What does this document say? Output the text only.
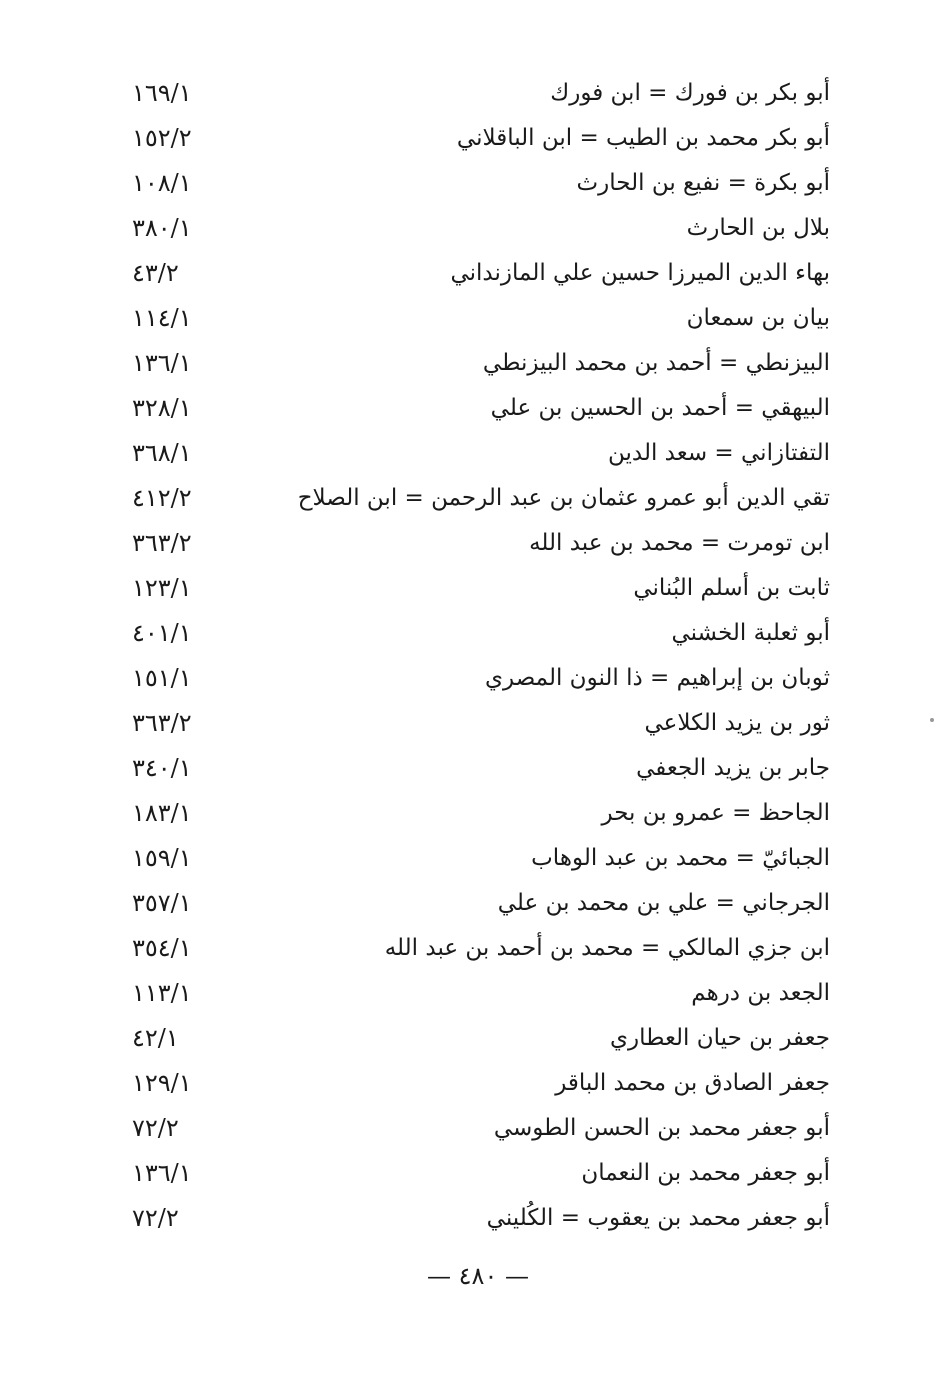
أبو بكر بن فورك = ابن فورك
١٦٩/١
أبو بكر محمد بن الطيب = ابن الباقلاني
١٥٢/٢
أبو بكرة = نفيع بن الحارث
١٠٨/١
بلال بن الحارث
٣٨٠/١
بهاء الدين الميرزا حسين علي المازنداني
٤٣/٢
بيان بن سمعان
١١٤/١
البيزنطي = أحمد بن محمد البيزنطي
١٣٦/١
البيهقي = أحمد بن الحسين بن علي
٣٢٨/١
التفتازاني = سعد الدين
٣٦٨/١
تقي الدين أبو عمرو عثمان بن عبد الرحمن = ابن الصلاح
٤١٢/٢
ابن تومرت = محمد بن عبد الله
٣٦٣/٢
ثابت بن أسلم البُناني
١٢٣/١
أبو ثعلبة الخشني
٤٠١/١
ثوبان بن إبراهيم = ذا النون المصري
١٥١/١
ثور بن يزيد الكلاعي
٣٦٣/٢
جابر بن يزيد الجعفي
٣٤٠/١
الجاحظ = عمرو بن بحر
١٨٣/١
الجبائيّ = محمد بن عبد الوهاب
١٥٩/١
الجرجاني = علي بن محمد بن علي
٣٥٧/١
ابن جزي المالكي = محمد بن أحمد بن عبد الله
٣٥٤/١
الجعد بن درهم
١١٣/١
جعفر بن حيان العطاري
٤٢/١
جعفر الصادق بن محمد الباقر
١٢٩/١
أبو جعفر محمد بن الحسن الطوسي
٧٢/٢
أبو جعفر محمد بن النعمان
١٣٦/١
أبو جعفر محمد بن يعقوب = الكُليني
٧٢/٢
— ٤٨٠ —
